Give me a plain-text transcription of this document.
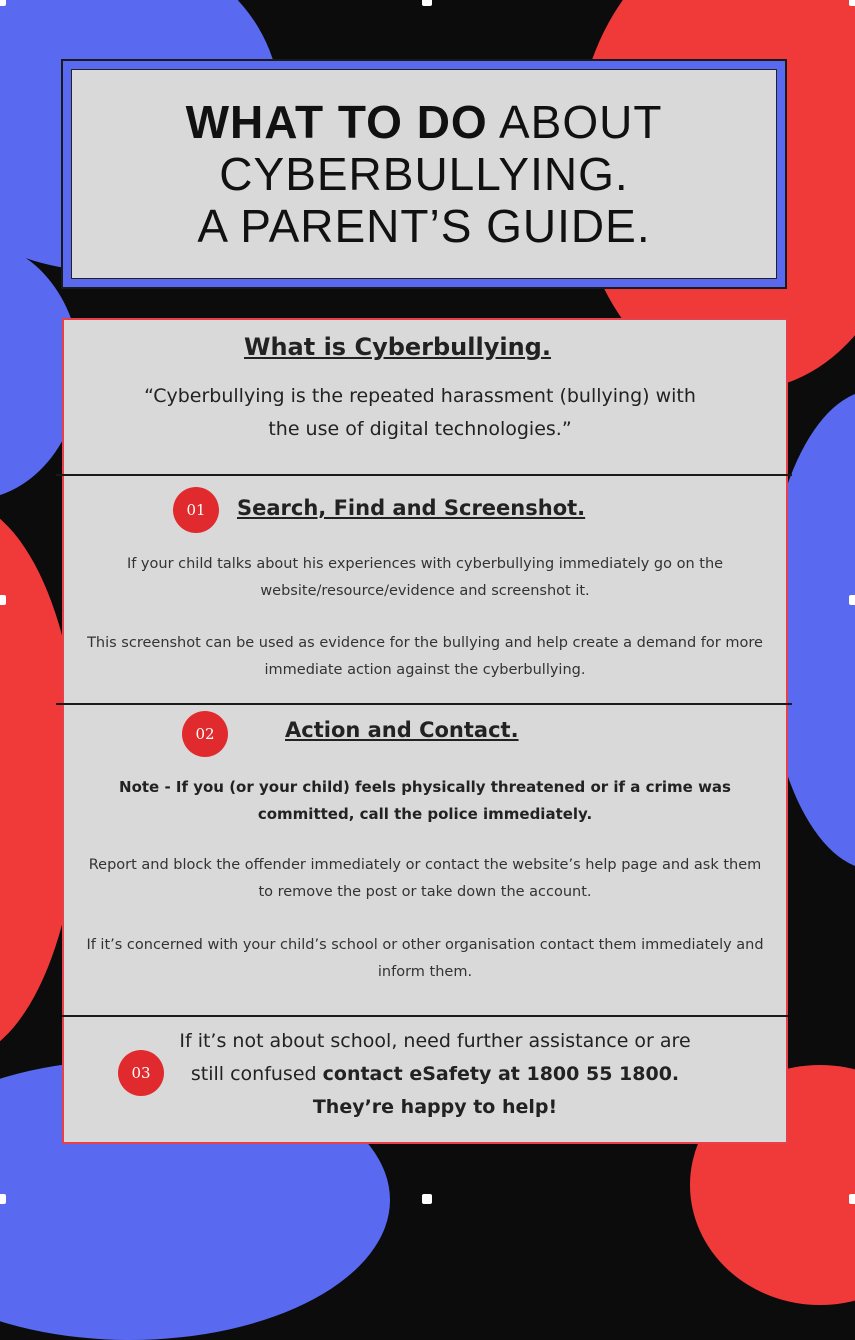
WHAT TO DO ABOUT
CYBERBULLYING.
A PARENT’S GUIDE.
What is Cyberbullying.
“Cyberbullying is the repeated harassment (bullying) with the use of digital technologies.”
01 Search, Find and Screenshot.
If your child talks about his experiences with cyberbullying immediately go on the website/resource/evidence and screenshot it.
This screenshot can be used as evidence for the bullying and help create a demand for more immediate action against the cyberbullying.
02	Action and Contact.
Note - If you (or your child) feels physically threatened or if a crime was committed, call the police immediately.
Report and block the offender immediately or contact the website’s help page and ask them to remove the post or take down the account.
If it’s concerned with your child’s school or other organisation contact them immediately and inform them.
03
If it’s not about school, need further assistance or are still confused contact eSafety at 1800 55 1800. They’re happy to help!
